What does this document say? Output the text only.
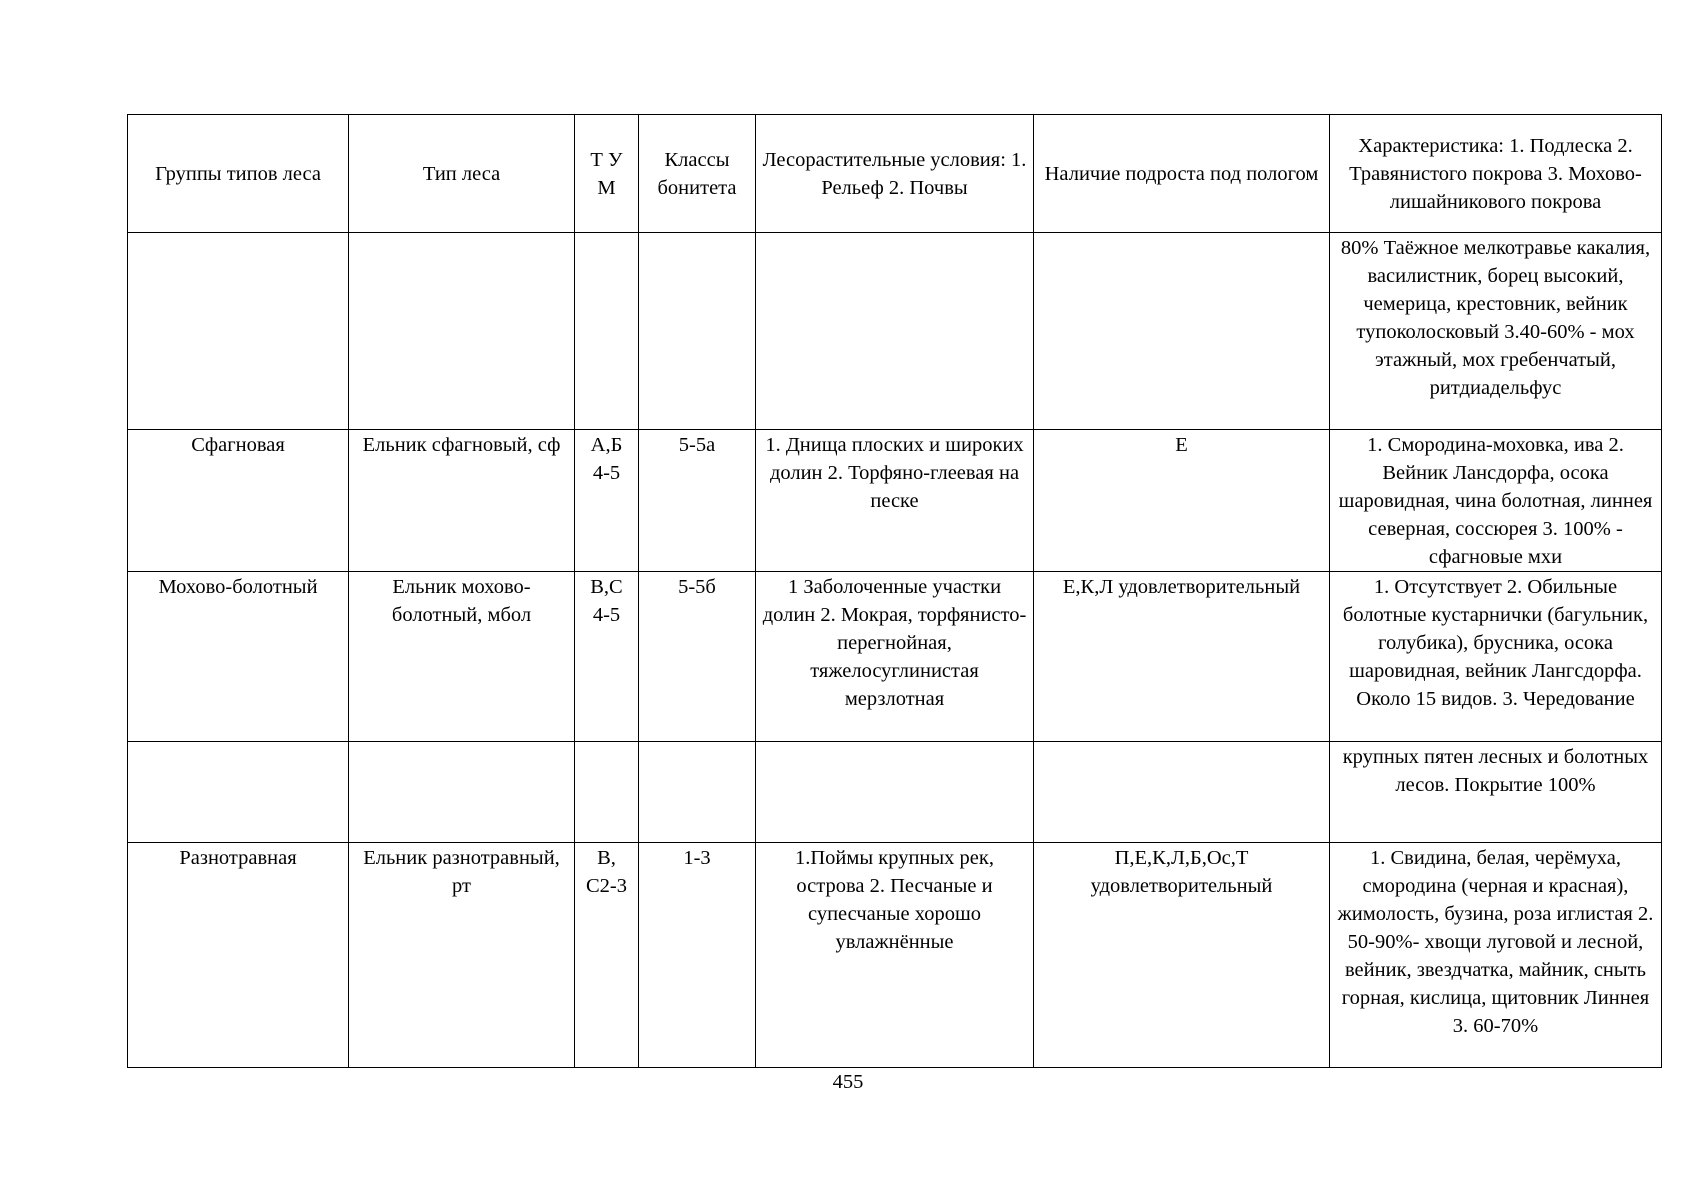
Группы типов леса	Тип леса	Т У М	Классы бонитета	Лесорастительные условия: 1. Рельеф 2. Почвы	Наличие подроста под пологом	Характеристика: 1. Подлеска 2. Травянистого покрова 3. Мохово-лишайникового покрова
						80% Таёжное мелкотравье какалия, василистник, борец высокий, чемерица, крестовник, вейник тупоколосковый 3.40-60% - мох этажный, мох гребенчатый, ритдиадельфус
Сфагновая	Ельник сфагновый, сф	А,Б 4-5	5-5а	1. Днища плоских и широких долин 2. Торфяно-глеевая на песке	Е	1. Смородина-моховка, ива 2. Вейник Лансдорфа, осока шаровидная, чина болотная, линнея северная, соссюрея 3. 100% - сфагновые мхи
Мохово-болотный	Ельник мохово-болотный, мбол	В,С 4-5	5-5б	1 Заболоченные участки долин 2. Мокрая, торфянисто-перегнойная, тяжелосуглинистая мерзлотная	Е,К,Л удовлетворительный	1. Отсутствует 2. Обильные болотные кустарнички (багульник, голубика), брусника, осока шаровидная, вейник Лангсдорфа. Около 15 видов. 3. Чередование
						крупных пятен лесных и болотных лесов. Покрытие 100%
Разнотравная	Ельник разнотравный, рт	В, С2-3	1-3	1.Поймы крупных рек, острова 2. Песчаные и супесчаные хорошо увлажнённые	П,Е,К,Л,Б,Ос,Т удовлетворительный	1. Свидина, белая, черёмуха, смородина (черная и красная), жимолость, бузина, роза иглистая 2. 50-90%- хвощи луговой и лесной, вейник, звездчатка, майник, сныть горная, кислица, щитовник Линнея 3. 60-70%
455
